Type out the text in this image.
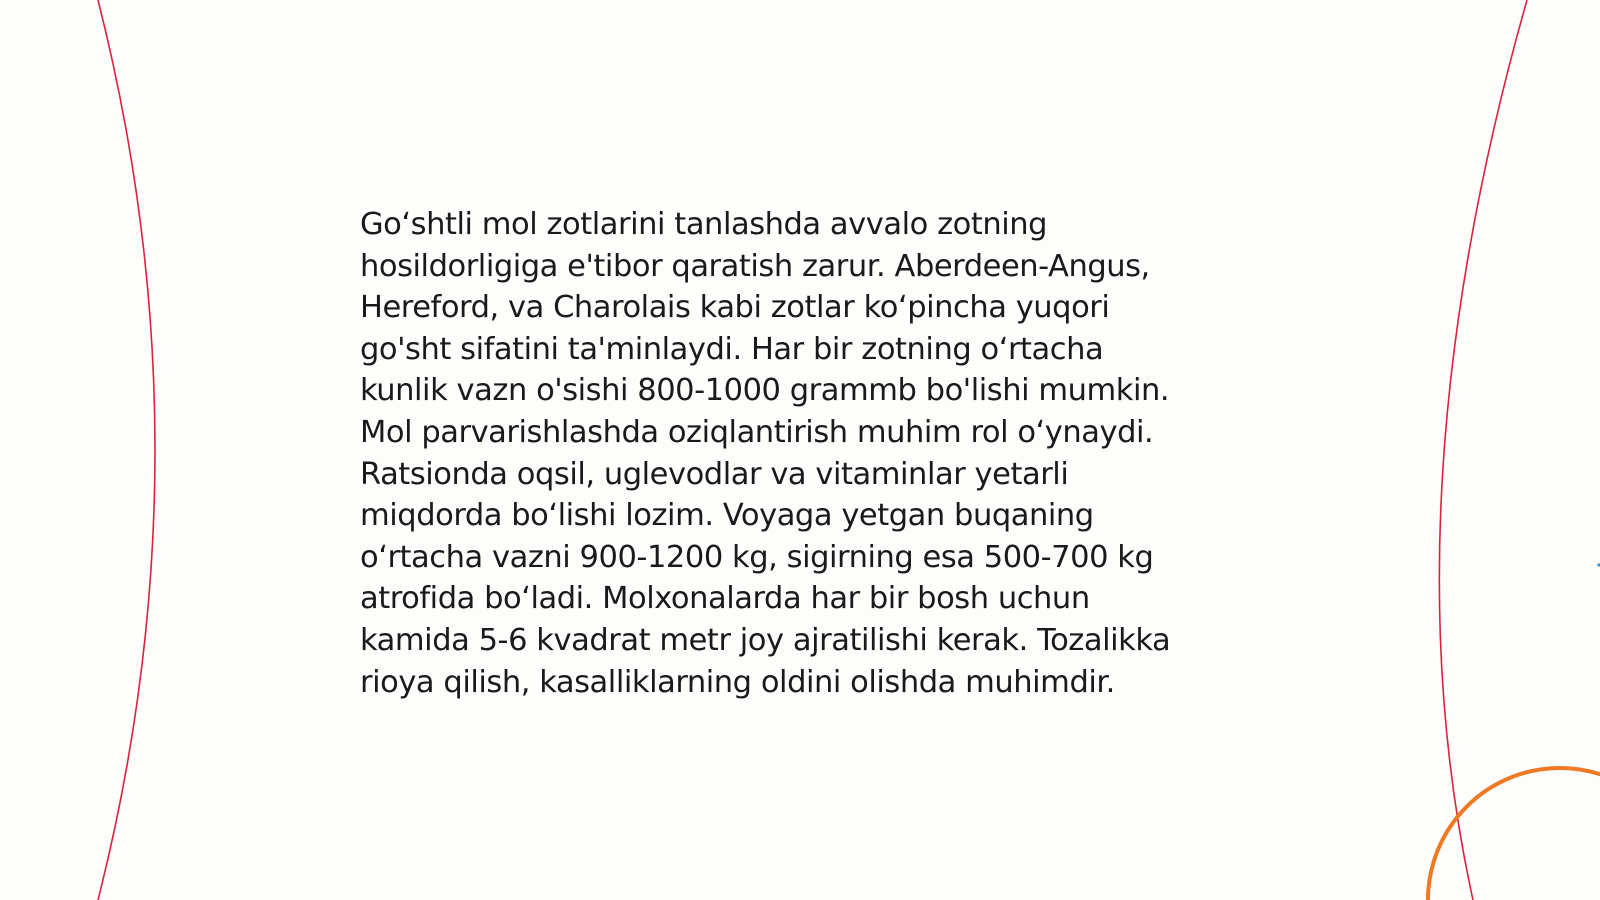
Go‘shtli mol zotlarini tanlashda avvalo zotning
hosildorligiga e'tibor qaratish zarur. Aberdeen-Angus,
Hereford, va Charolais kabi zotlar ko‘pincha yuqori
go'sht sifatini ta'minlaydi. Har bir zotning o‘rtacha
kunlik vazn o'sishi 800-1000 grammb bo'lishi mumkin.
Mol parvarishlashda oziqlantirish muhim rol o‘ynaydi.
Ratsionda oqsil, uglevodlar va vitaminlar yetarli
miqdorda bo‘lishi lozim. Voyaga yetgan buqaning
o‘rtacha vazni 900-1200 kg, sigirning esa 500-700 kg
atrofida bo‘ladi. Molxonalarda har bir bosh uchun
kamida 5-6 kvadrat metr joy ajratilishi kerak. Tozalikka
rioya qilish, kasalliklarning oldini olishda muhimdir.
